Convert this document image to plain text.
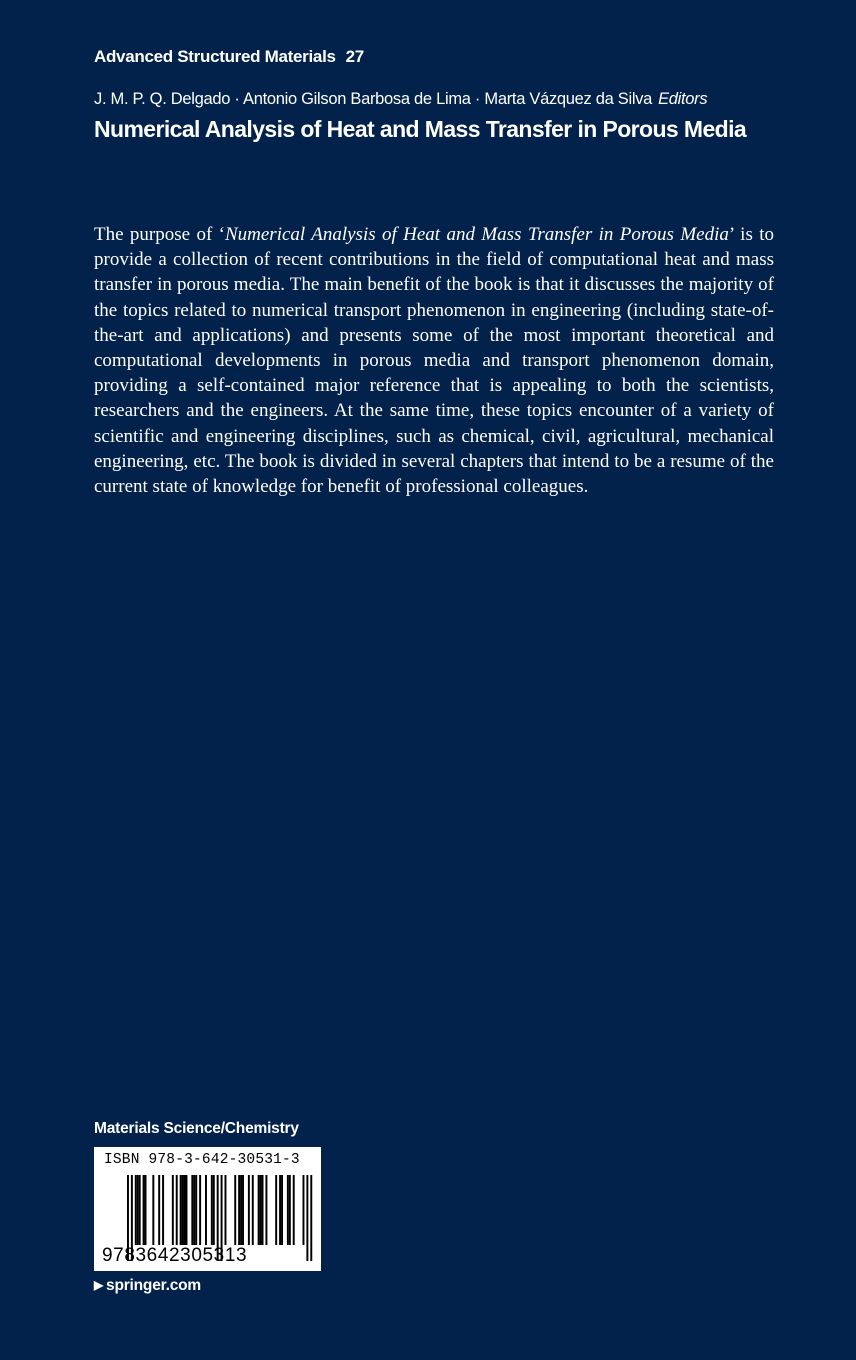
Advanced Structured Materials 27
J. M. P. Q. Delgado · Antonio Gilson Barbosa de Lima · Marta Vázquez da Silva Editors
Numerical Analysis of Heat and Mass Transfer in Porous Media

The purpose of ‘Numerical Analysis of Heat and Mass Transfer in Porous Media’ is to provide a collection of recent contributions in the field of computational heat and mass transfer in porous media. The main benefit of the book is that it discusses the majority of the topics related to numerical transport phenomenon in engineering (including state-of-the-art and applications) and presents some of the most important theoretical and computational developments in porous media and transport phenomenon domain, providing a self-contained major reference that is appealing to both the scientists, researchers and the engineers. At the same time, these topics encounter of a variety of scientific and engineering disciplines, such as chemical, civil, agricultural, mechanical engineering, etc. The book is divided in several chapters that intend to be a resume of the current state of knowledge for benefit of professional colleagues.

Materials Science/Chemistry
ISBN 978-3-642-30531-3
9783642305313
▶ springer.com
